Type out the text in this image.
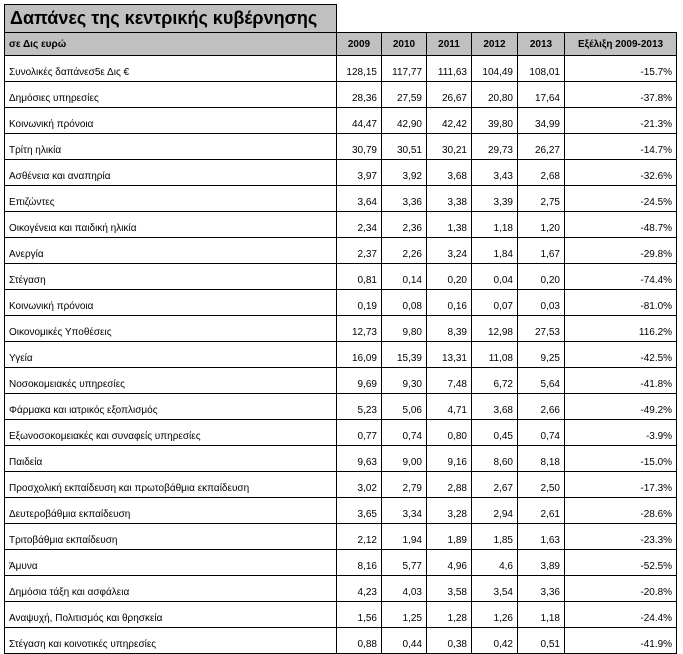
Δαπάνες της κεντρικής κυβέρνησης						
σε Δις ευρώ	2009	2010	2011	2012	2013	Εξέλιξη 2009-2013
Συνολικές δαπάνεσ5ε Δις €	128,15	117,77	111,63	104,49	108,01	-15.7%
Δημόσιες υπηρεσίες	28,36	27,59	26,67	20,80	17,64	-37.8%
Κοινωνική πρόνοια	44,47	42,90	42,42	39,80	34,99	-21.3%
Τρίτη ηλικία	30,79	30,51	30,21	29,73	26,27	-14.7%
Ασθένεια και αναπηρία	3,97	3,92	3,68	3,43	2,68	-32.6%
Επιζώντες	3,64	3,36	3,38	3,39	2,75	-24.5%
Οικογένεια και παιδική ηλικία	2,34	2,36	1,38	1,18	1,20	-48.7%
Ανεργία	2,37	2,26	3,24	1,84	1,67	-29.8%
Στέγαση	0,81	0,14	0,20	0,04	0,20	-74.4%
Κοινωνική πρόνοια	0,19	0,08	0,16	0,07	0,03	-81.0%
Οικονομικές Υποθέσεις	12,73	9,80	8,39	12,98	27,53	116.2%
Υγεία	16,09	15,39	13,31	11,08	9,25	-42.5%
Νοσοκομειακές υπηρεσίες	9,69	9,30	7,48	6,72	5,64	-41.8%
Φάρμακα και ιατρικός εξοπλισμός	5,23	5,06	4,71	3,68	2,66	-49.2%
Εξωνοσοκομειακές και συναφείς υπηρεσίες	0,77	0,74	0,80	0,45	0,74	-3.9%
Παιδεία	9,63	9,00	9,16	8,60	8,18	-15.0%
Προσχολική εκπαίδευση και πρωτοβάθμια εκπαίδευση	3,02	2,79	2,88	2,67	2,50	-17.3%
Δευτεροβάθμια εκπαίδευση	3,65	3,34	3,28	2,94	2,61	-28.6%
Τριτοβάθμια εκπαίδευση	2,12	1,94	1,89	1,85	1,63	-23.3%
Άμυνα	8,16	5,77	4,96	4,6	3,89	-52.5%
Δημόσια τάξη και ασφάλεια	4,23	4,03	3,58	3,54	3,36	-20.8%
Αναψυχή, Πολιτισμός και θρησκεία	1,56	1,25	1,28	1,26	1,18	-24.4%
Στέγαση και κοινοτικές υπηρεσίες	0,88	0,44	0,38	0,42	0,51	-41.9%
